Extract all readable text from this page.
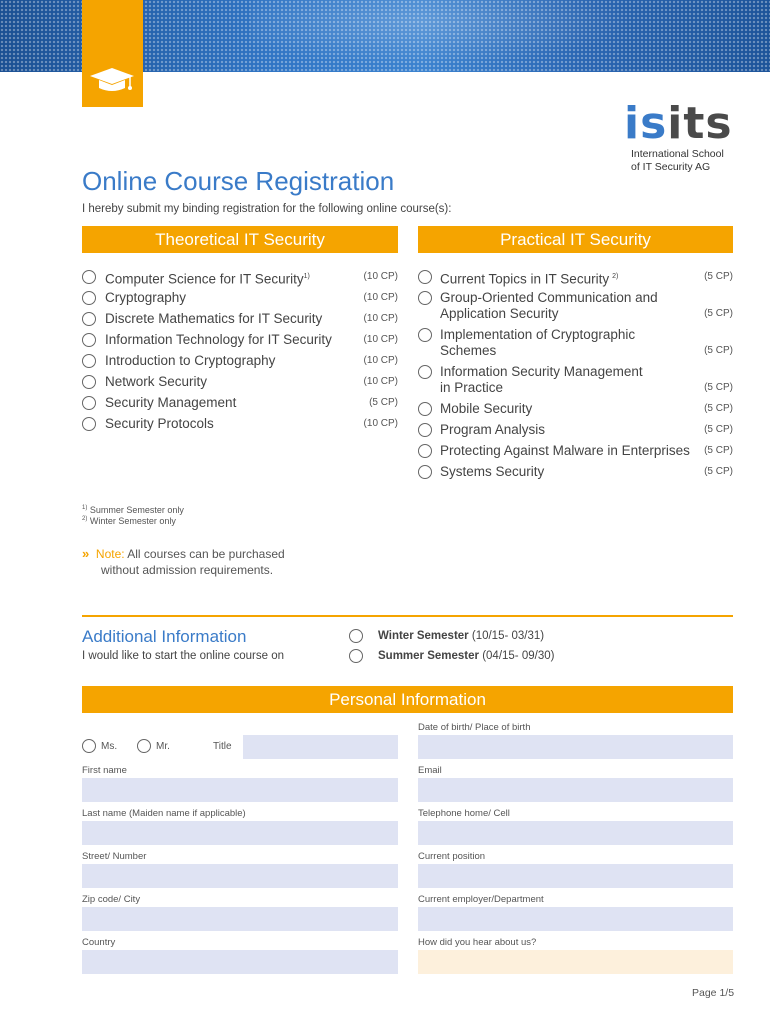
isits
International School
of IT Security AG
Online Course Registration
I hereby submit my binding registration for the following online course(s):
Theoretical IT Security	Practical IT Security
Computer Science for IT Security$^{1)}$	(10 CP)
Cryptography	(10 CP)
Discrete Mathematics for IT Security	(10 CP)
Information Technology for IT Security	(10 CP)
Introduction to Cryptography	(10 CP)
Network Security	(10 CP)
Security Management	(5 CP)
Security Protocols	(10 CP)
Current Topics in IT Security $^{2)}$	(5 CP)
Group-Oriented Communication and
Application Security	(5 CP)
Implementation of Cryptographic
Schemes	(5 CP)
Information Security Management
in Practice	(5 CP)
Mobile Security	(5 CP)
Program Analysis	(5 CP)
Protecting Against Malware in Enterprises	(5 CP)
Systems Security	(5 CP)
$^{1)}$ Summer Semester only
$^{2)}$ Winter Semester only
» Note: All courses can be purchased
without admission requirements.
Additional Information
I would like to start the online course on
Winter Semester (10/15- 03/31)
Summer Semester (04/15- 09/30)
Personal Information
Ms.	Mr.	Title
Date of birth/ Place of birth
First name	Email
Last name (Maiden name if applicable)	Telephone home/ Cell
Street/ Number	Current position
Zip code/ City	Current employer/Department
Country	How did you hear about us?
Page 1/5
